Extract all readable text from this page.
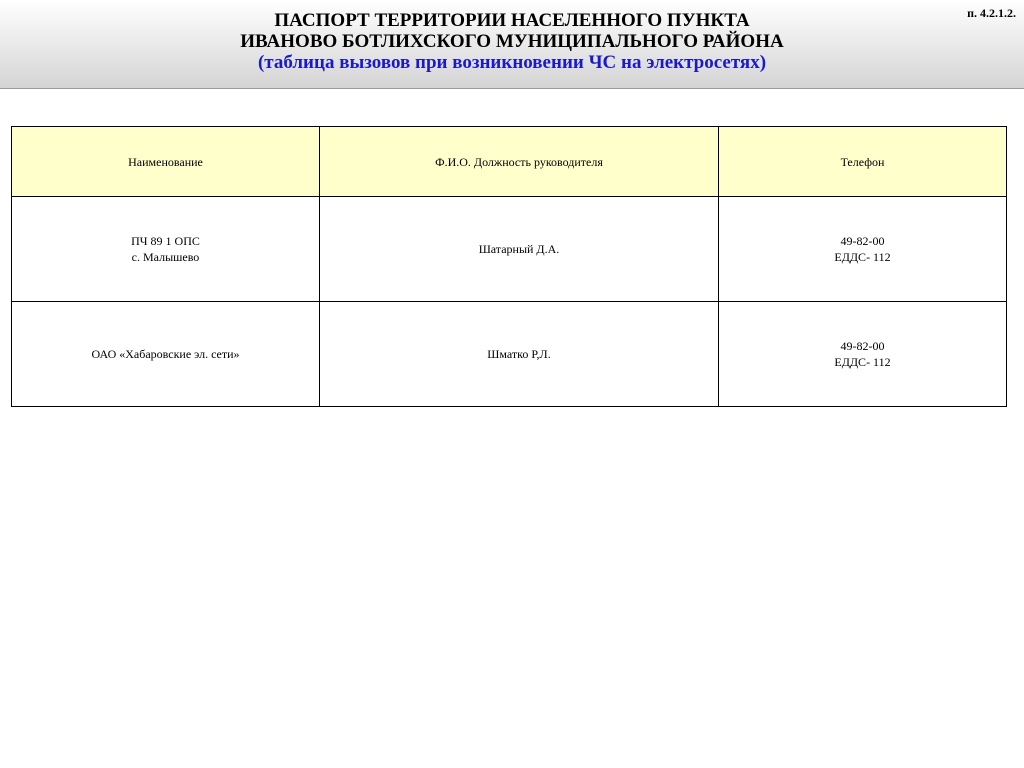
ПАСПОРТ ТЕРРИТОРИИ НАСЕЛЕННОГО ПУНКТА
ИВАНОВО БОТЛИХСКОГО МУНИЦИПАЛЬНОГО РАЙОНА
(таблица вызовов при возникновении ЧС на электросетях)
п. 4.2.1.2.
Наименование	Ф.И.О. Должность руководителя	Телефон

ПЧ 89 1 ОПС
с. Малышево	Шатарный Д.А.	49-82-00
ЕДДС- 112

ОАО «Хабаровские эл. сети»	Шматко Р,Л.	49-82-00
ЕДДС- 112
